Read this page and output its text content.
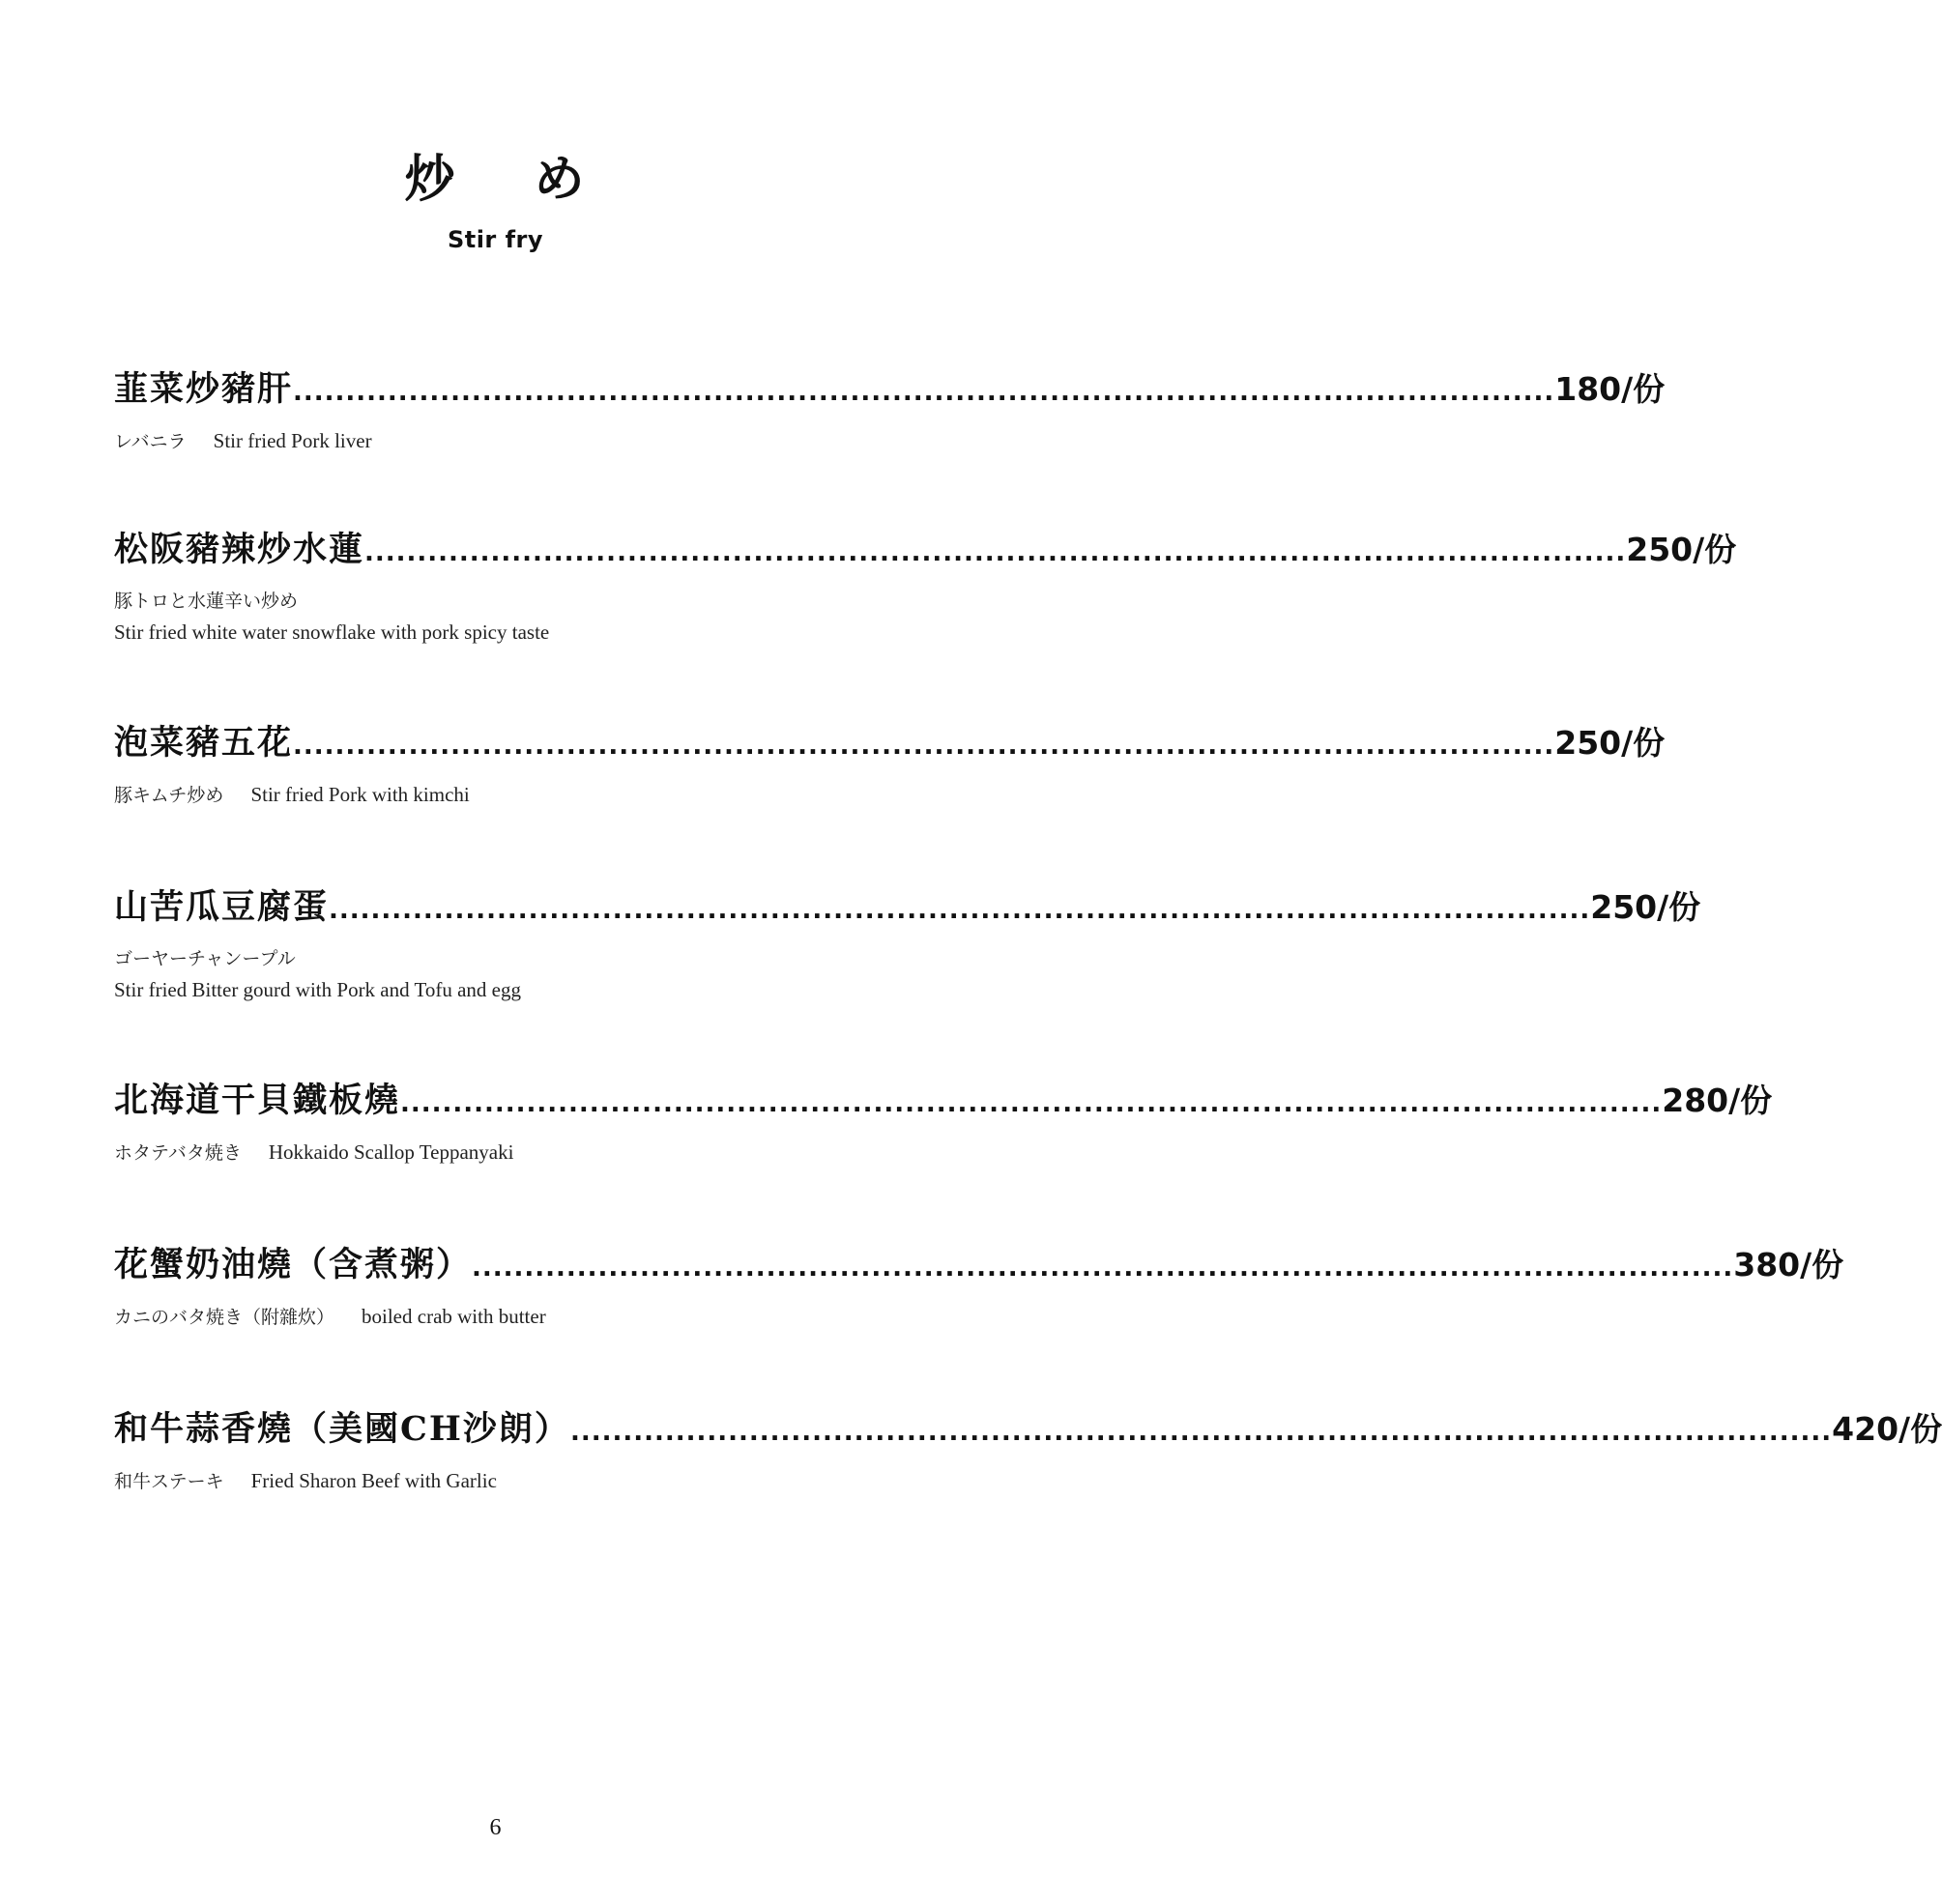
炒 め
Stir fry
韮菜炒豬肝 ........................................................................................................................ 180/份
レバニラ Stir fried Pork liver
松阪豬辣炒水蓮 ........................................................................................................................ 250/份
豚トロと水蓮辛い炒め
Stir fried white water snowflake with pork spicy taste
泡菜豬五花 ........................................................................................................................ 250/份
豚キムチ炒め Stir fried Pork with kimchi
山苦瓜豆腐蛋 ........................................................................................................................ 250/份
ゴーヤーチャンープル
Stir fried Bitter gourd with Pork and Tofu and egg
北海道干貝鐵板燒 ........................................................................................................................ 280/份
ホタテバタ焼き Hokkaido Scallop Teppanyaki
花蟹奶油燒（含煮粥） ........................................................................................................................ 380/份
カニのバタ焼き（附雜炊） boiled crab with butter
和牛蒜香燒（美國CH沙朗） ........................................................................................................................ 420/份
和牛ステーキ Fried Sharon Beef with Garlic
6
